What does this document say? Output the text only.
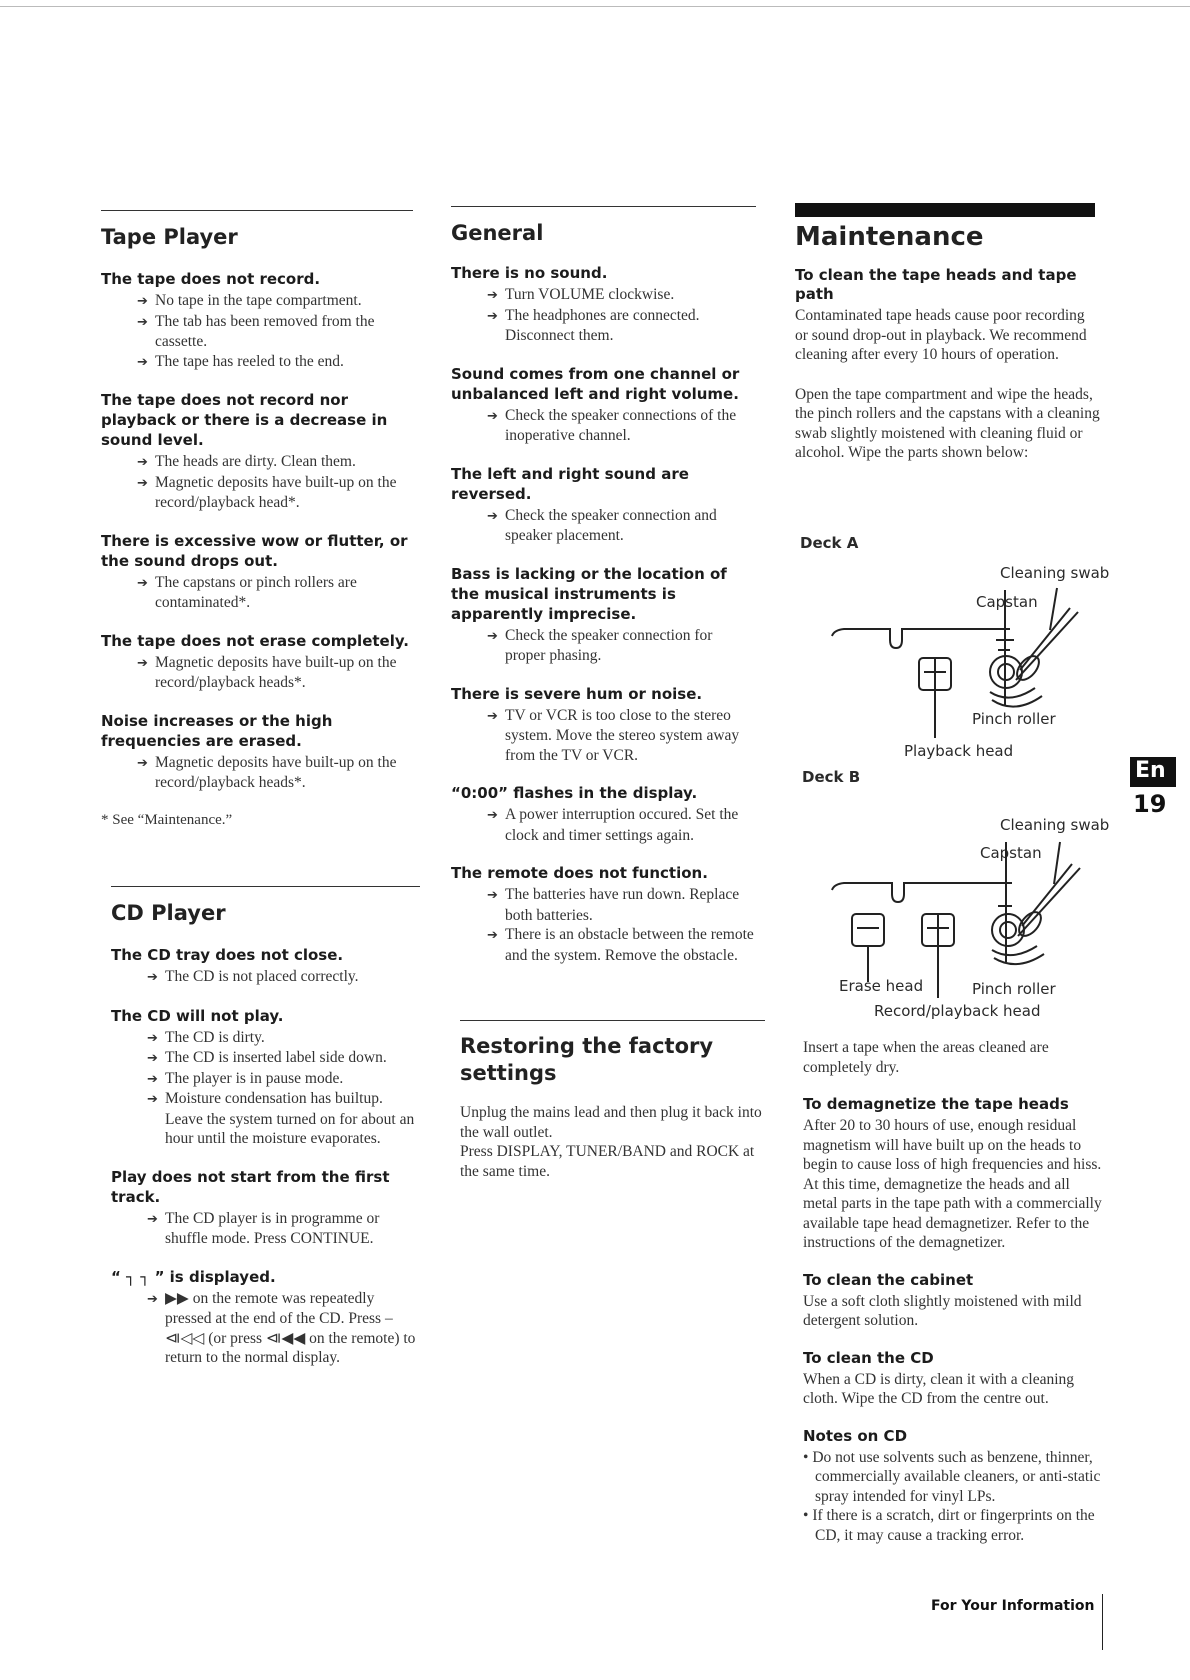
Tape Player

The tape does not record.

➔ No tape in the tape compartment.

➔ The tab has been removed from the cassette.

➔ The tape has reeled to the end.

The tape does not record nor playback or there is a decrease in sound level.

➔ The heads are dirty. Clean them.

➔ Magnetic deposits have built-up on the record/playback head*.

There is excessive wow or flutter, or the sound drops out.

➔ The capstans or pinch rollers are contaminated*.

The tape does not erase completely.

➔ Magnetic deposits have built-up on the record/playback heads*.

Noise increases or the high frequencies are erased.

➔ Magnetic deposits have built-up on the record/playback heads*.

* See “Maintenance.”

CD Player

The CD tray does not close.

➔ The CD is not placed correctly.

The CD will not play.

➔ The CD is dirty.

➔ The CD is inserted label side down.

➔ The player is in pause mode.

➔ Moisture condensation has builtup. Leave the system turned on for about an hour until the moisture evaporates.

Play does not start from the first track.

➔ The CD player is in programme or shuffle mode. Press CONTINUE.

“ ┐ ┐ ” is displayed.

➔ ▶▶ on the remote was repeatedly pressed at the end of the CD. Press – ⧏◁◁ (or press ⧏◀◀ on the remote) to return to the normal display.

General

There is no sound.

➔ Turn VOLUME clockwise.

➔ The headphones are connected. Disconnect them.

Sound comes from one channel or unbalanced left and right volume.

➔ Check the speaker connections of the inoperative channel.

The left and right sound are reversed.

➔ Check the speaker connection and speaker placement.

Bass is lacking or the location of the musical instruments is apparently imprecise.

➔ Check the speaker connection for proper phasing.

There is severe hum or noise.

➔ TV or VCR is too close to the stereo system. Move the stereo system away from the TV or VCR.

“0:00” flashes in the display.

➔ A power interruption occured. Set the clock and timer settings again.

The remote does not function.

➔ The batteries have run down. Replace both batteries.

➔ There is an obstacle between the remote and the system. Remove the obstacle.

Restoring the factory settings

Unplug the mains lead and then plug it back into the wall outlet.

Press DISPLAY, TUNER/BAND and ROCK at the same time.

Maintenance

To clean the tape heads and tape path

Contaminated tape heads cause poor recording or sound drop-out in playback. We recommend cleaning after every 10 hours of operation.

Open the tape compartment and wipe the heads, the pinch rollers and the capstans with a cleaning swab slightly moistened with cleaning fluid or alcohol. Wipe the parts shown below:

Deck A
Cleaning swab
Capstan
Pinch roller
Playback head
Deck B
Cleaning swab
Capstan
Erase head	Pinch roller
Record/playback head

Insert a tape when the areas cleaned are completely dry.

To demagnetize the tape heads

After 20 to 30 hours of use, enough residual magnetism will have built up on the heads to begin to cause loss of high frequencies and hiss. At this time, demagnetize the heads and all metal parts in the tape path with a commercially available tape head demagnetizer. Refer to the instructions of the demagnetizer.

To clean the cabinet

Use a soft cloth slightly moistened with mild detergent solution.

To clean the CD

When a CD is dirty, clean it with a cleaning cloth. Wipe the CD from the centre out.

Notes on CD

• Do not use solvents such as benzene, thinner, commercially available cleaners, or anti-static spray intended for vinyl LPs.

• If there is a scratch, dirt or fingerprints on the CD, it may cause a tracking error.

En
19
For Your Information
